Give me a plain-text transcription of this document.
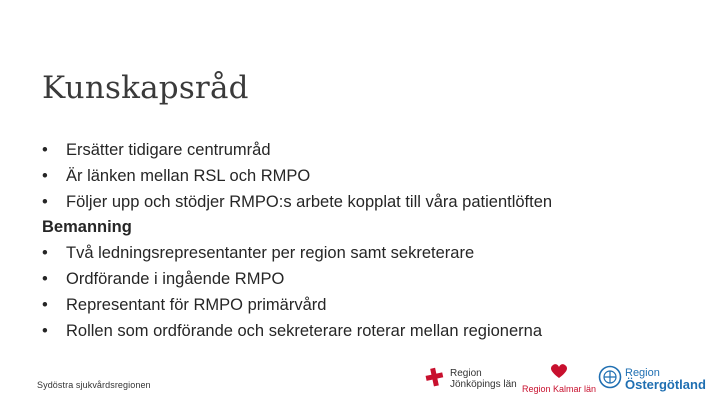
Kunskapsråd
•	Ersätter tidigare centrumråd
•	Är länken mellan RSL och RMPO
•	Följer upp och stödjer RMPO:s arbete kopplat till våra patientlöften
Bemanning
•	Två ledningsrepresentanter per region samt sekreterare
•	Ordförande i ingående RMPO
•	Representant för RMPO primärvård
•	Rollen som ordförande och sekreterare roterar mellan regionerna
Sydöstra sjukvårdsregionen
Region
Jönköpings län Region Kalmar län
Region
Östergötland
